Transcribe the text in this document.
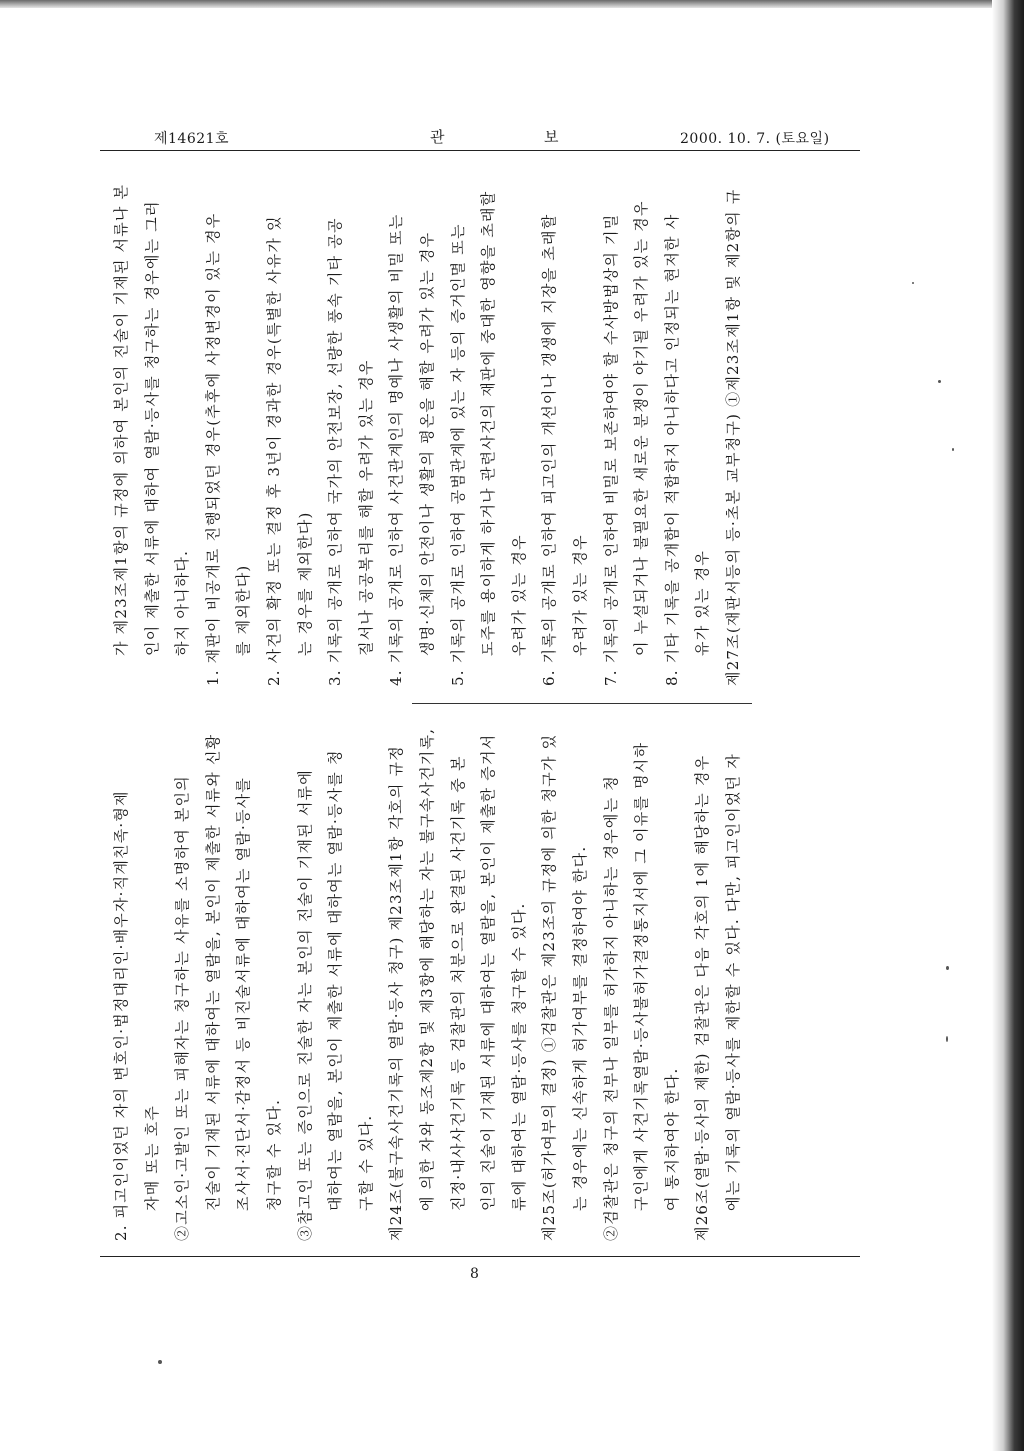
제14621호	관	보	2000. 10. 7. (토요일)
2. 피고인이었던 자의 변호인·법정대리인·배우자·직계친족·형제 자매 또는 호주 ②고소인·고발인 또는 피해자는 청구하는 사유를 소명하여 본인의 진술이 기재된 서류에 대하여는 열람을, 본인이 제출한 서류와 신황 조사서·진단서·감정서 등 비진술서류에 대하여는 열람·등사를 청구할 수 있다. ③참고인 또는 증인으로 진술한 자는 본인의 진술이 기재된 서류에 대하여는 열람을, 본인이 제출한 서류에 대하여는 열람·등사를 청 구할 수 있다. 제24조(불구속사건기록의 열람·등사 청구) 제23조제1항 각호의 규정 에 의한 자와 동조제2항 및 제3항에 해당하는 자는 불구속사건기록, 진정·내사사건기록 등 검찰관의 처분으로 완결된 사건기록 중 본 인의 진술이 기재된 서류에 대하여는 열람을, 본인이 제출한 증거서 류에 대하여는 열람·등사를 청구할 수 있다. 제25조(허가여부의 결정) ①검찰관은 제23조의 규정에 의한 청구가 있 는 경우에는 신속하게 허가여부를 결정하여야 한다. ②검찰관은 청구의 전부나 일부를 허가하지 아니하는 경우에는 청 구인에게 사건기록열람·등사불허가결정통지서에 그 이유를 명시하 여 통지하여야 한다. 제26조(열람·등사의 제한) 검찰관은 다음 각호의 1에 해당하는 경우 에는 기록의 열람·등사를 제한할 수 있다. 다만, 피고인이었던 자
가 제23조제1항의 규정에 의하여 본인의 진술이 기재된 서류나 본 인이 제출한 서류에 대하여 열람·등사를 청구하는 경우에는 그러 하지 아니하다. 1. 재판이 비공개로 진행되었던 경우(추후에 사정변경이 있는 경우 를 제외한다) 2. 사건의 확정 또는 결정 후 3년이 경과한 경우(특별한 사유가 있 는 경우를 제외한다) 3. 기록의 공개로 인하여 국가의 안전보장, 선량한 풍속 기타 공공 질서나 공공복리를 해할 우려가 있는 경우 4. 기록의 공개로 인하여 사건관계인의 명예나 사생활의 비밀 또는 생명·신체의 안전이나 생활의 평온을 해할 우려가 있는 경우 5. 기록의 공개로 인하여 공범관계에 있는 자 등의 증거인멸 또는 도주를 용이하게 하거나 관련사건의 재판에 중대한 영향을 초래할 우려가 있는 경우 6. 기록의 공개로 인하여 피고인의 개선이나 갱생에 지장을 초래할 우려가 있는 경우 7. 기록의 공개로 인하여 비밀로 보존하여야 할 수사방법상의 기밀 이 누설되거나 불필요한 새로운 분쟁이 야기될 우려가 있는 경우 8. 기타 기록을 공개함이 적합하지 아니하다고 인정되는 현저한 사 유가 있는 경우 제27조(재판서등의 등·초본 교부청구) ①제23조제1항 및 제2항의 규
8
